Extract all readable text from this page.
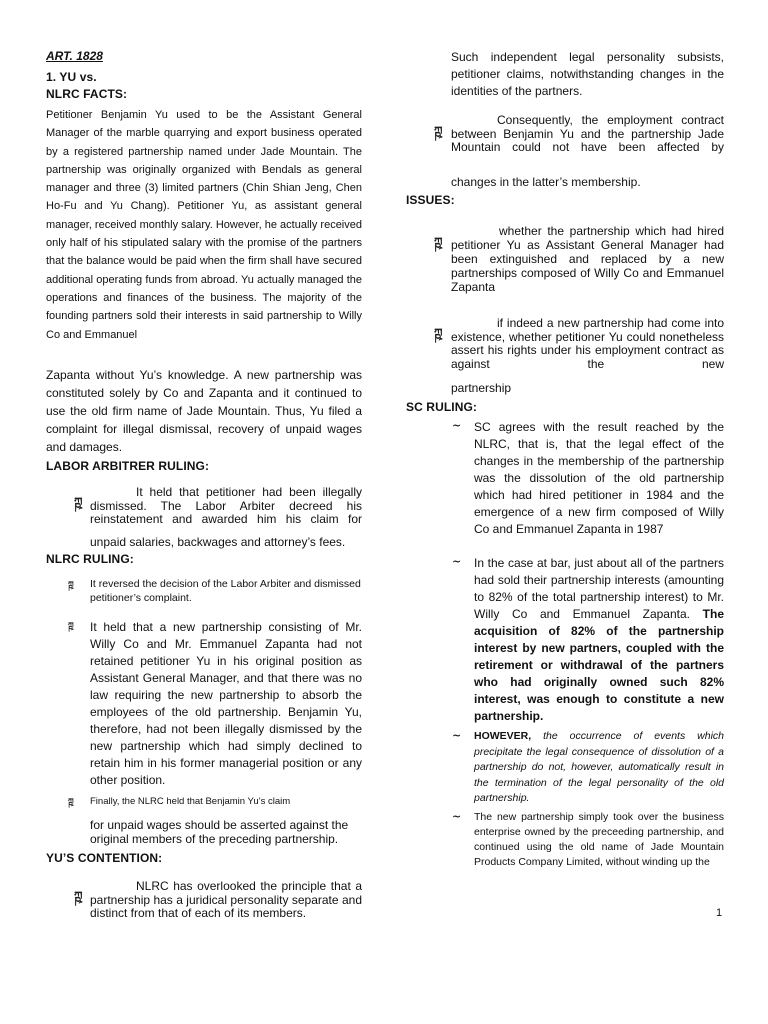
ART. 1828

1. YU vs.

NLRC FACTS:

Petitioner Benjamin Yu used to be the Assistant General Manager of the marble quarrying and export business operated by a registered partnership named under Jade Mountain. The partnership was originally organized with Bendals as general manager and three (3) limited partners (Chin Shian Jeng, Chen Ho-Fu and Yu Chang). Petitioner Yu, as assistant general manager, received monthly salary. However, he actually received only half of his stipulated salary with the promise of the partners that the balance would be paid when the firm shall have secured additional operating funds from abroad. Yu actually managed the operations and finances of the business. The majority of the founding partners sold their interests in said partnership to Willy Co and Emmanuel

Zapanta without Yu’s knowledge. A new partnership was constituted solely by Co and Zapanta and it continued to use the old firm name of Jade Mountain. Thus, Yu filed a complaint for illegal dismissal, recovery of unpaid wages and damages.

LABOR ARBITRER RULING:

ཀྵ

It held that petitioner had been illegally dismissed. The Labor Arbiter decreed his reinstatement and awarded him his claim for

unpaid salaries, backwages and attorney’s fees.

NLRC RULING:

ཀྵ It reversed the decision of the Labor Arbiter and dismissed petitioner’s complaint.

ཀྵ It held that a new partnership consisting of Mr. Willy Co and Mr. Emmanuel Zapanta had not retained petitioner Yu in his original position as Assistant General Manager, and that there was no law requiring the new partnership to absorb the employees of the old partnership. Benjamin Yu, therefore, had not been illegally dismissed by the new partnership which had simply declined to retain him in his former managerial position or any other position.

ཀྵ Finally, the NLRC held that Benjamin Yu’s claim

for unpaid wages should be asserted against the original members of the preceding partnership.

YU’S CONTENTION:

ཀྵ

NLRC has overlooked the principle that a partnership has a juridical personality separate and distinct from that of each of its members.

Such independent legal personality subsists, petitioner claims, notwithstanding changes in the identities of the partners.

ཀྵ

Consequently, the employment contract between Benjamin Yu and the partnership Jade Mountain could not have been affected by

changes in the latter’s membership.

ISSUES:

ཀྵ

whether the partnership which had hired petitioner Yu as Assistant General Manager had been extinguished and replaced by a new partnerships composed of Willy Co and Emmanuel Zapanta

ཀྵ

if indeed a new partnership had come into existence, whether petitioner Yu could nonetheless assert his rights under his employment contract as against the new

partnership

SC RULING:

~ SC agrees with the result reached by the NLRC, that is, that the legal effect of the changes in the membership of the partnership was the dissolution of the old partnership which had hired petitioner in 1984 and the emergence of a new firm composed of Willy Co and Emmanuel Zapanta in 1987

~ In the case at bar, just about all of the partners had sold their partnership interests (amounting to 82% of the total partnership interest) to Mr. Willy Co and Emmanuel Zapanta. The acquisition of 82% of the partnership interest by new partners, coupled with the retirement or withdrawal of the partners who had originally owned such 82% interest, was enough to constitute a new partnership.

~ HOWEVER, the occurrence of events which precipitate the legal consequence of dissolution of a partnership do not, however, automatically result in the termination of the legal personality of the old partnership.

~ The new partnership simply took over the business enterprise owned by the preceeding partnership, and continued using the old name of Jade Mountain Products Company Limited, without winding up the

1
